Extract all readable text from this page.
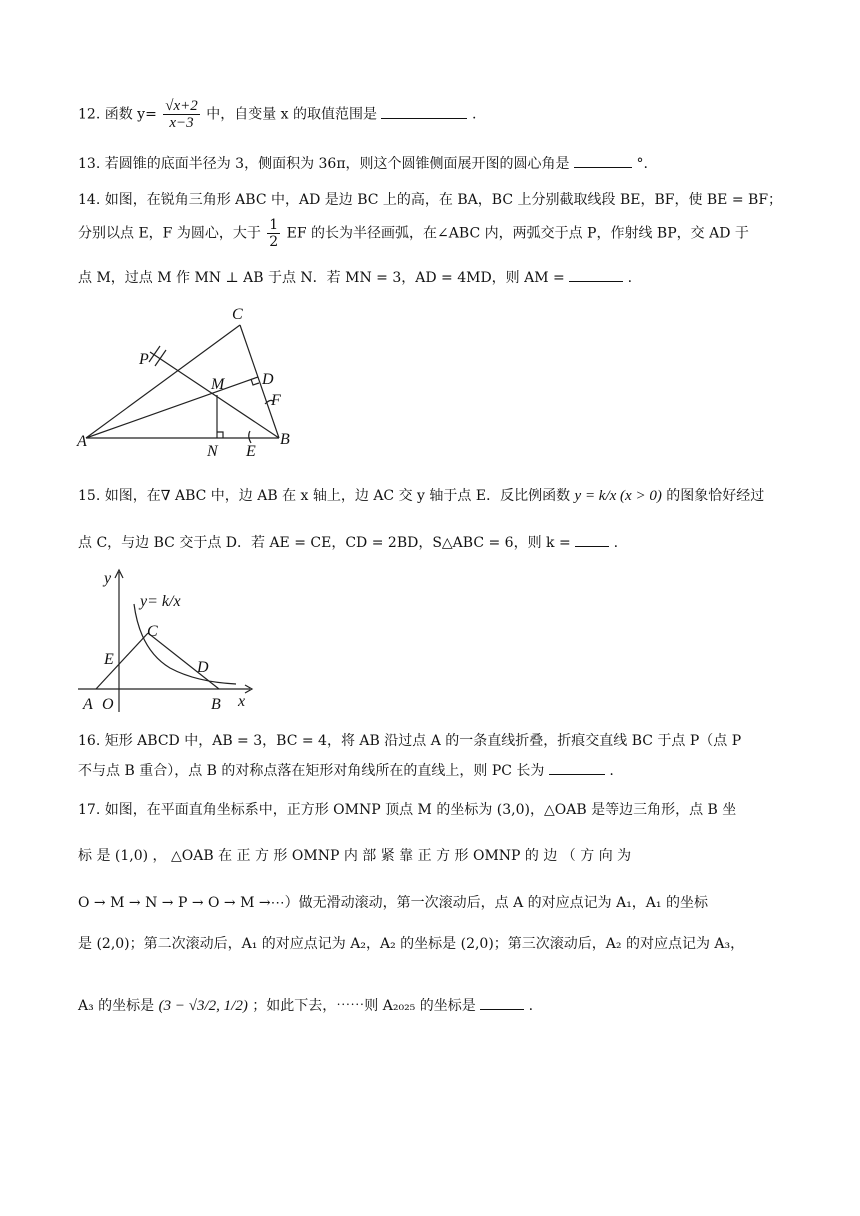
12. 函数 $y= \frac{√x+2}{x-3}$ 中，自变量 x 的取值范围是	.
13. 若圆锥的底面半径为 3，侧面积为 36π，则这个圆锥侧面展开图的圆心角是	°.
14. 如图，在锐角三角形 ABC 中，AD 是边 BC 上的高，在 BA，BC 上分别截取线段 BE，BF，使 BE = BF；
分别以点 E，F 为圆心，大于 $\frac{1}{2}$ EF 的长为半径画弧，在∠ABC 内，两弧交于点 P，作射线 BP，交 AD 于
点 M，过点 M 作 MN ⊥ AB 于点 N．若 MN = 3，AD = 4MD，则 AM =	.
A	B
C
D
E
F
M
N
P
15. 如图，在∇ ABC 中，边 AB 在 x 轴上，边 AC 交 y 轴于点 E．反比例函数 y = k/x (x > 0) 的图象恰好经过
点 C，与边 BC 交于点 D．若 AE = CE，CD = 2BD，S△ABC = 6，则 k =	.
y
x
y= k/x
C
D
E
A O	B
16. 矩形 ABCD 中，AB = 3，BC = 4，将 AB 沿过点 A 的一条直线折叠，折痕交直线 BC 于点 P（点 P
不与点 B 重合），点 B 的对称点落在矩形对角线所在的直线上，则 PC 长为	.
17. 如图，在平面直角坐标系中，正方形 OMNP 顶点 M 的坐标为 (3,0)，△OAB 是等边三角形，点 B 坐
标 是 (1,0) ， △OAB 在 正 方 形 OMNP 内 部 紧 靠 正 方 形 OMNP 的 边 （ 方 向 为
O → M → N → P → O → M →⋯）做无滑动滚动，第一次滚动后，点 A 的对应点记为 A₁，A₁ 的坐标
是 (2,0)；第二次滚动后，A₁ 的对应点记为 A₂，A₂ 的坐标是 (2,0)；第三次滚动后，A₂ 的对应点记为 A₃，
A₃ 的坐标是 (3 − √3/2, 1/2) ；如此下去，⋯⋯则 A₂₀₂₅ 的坐标是	.
